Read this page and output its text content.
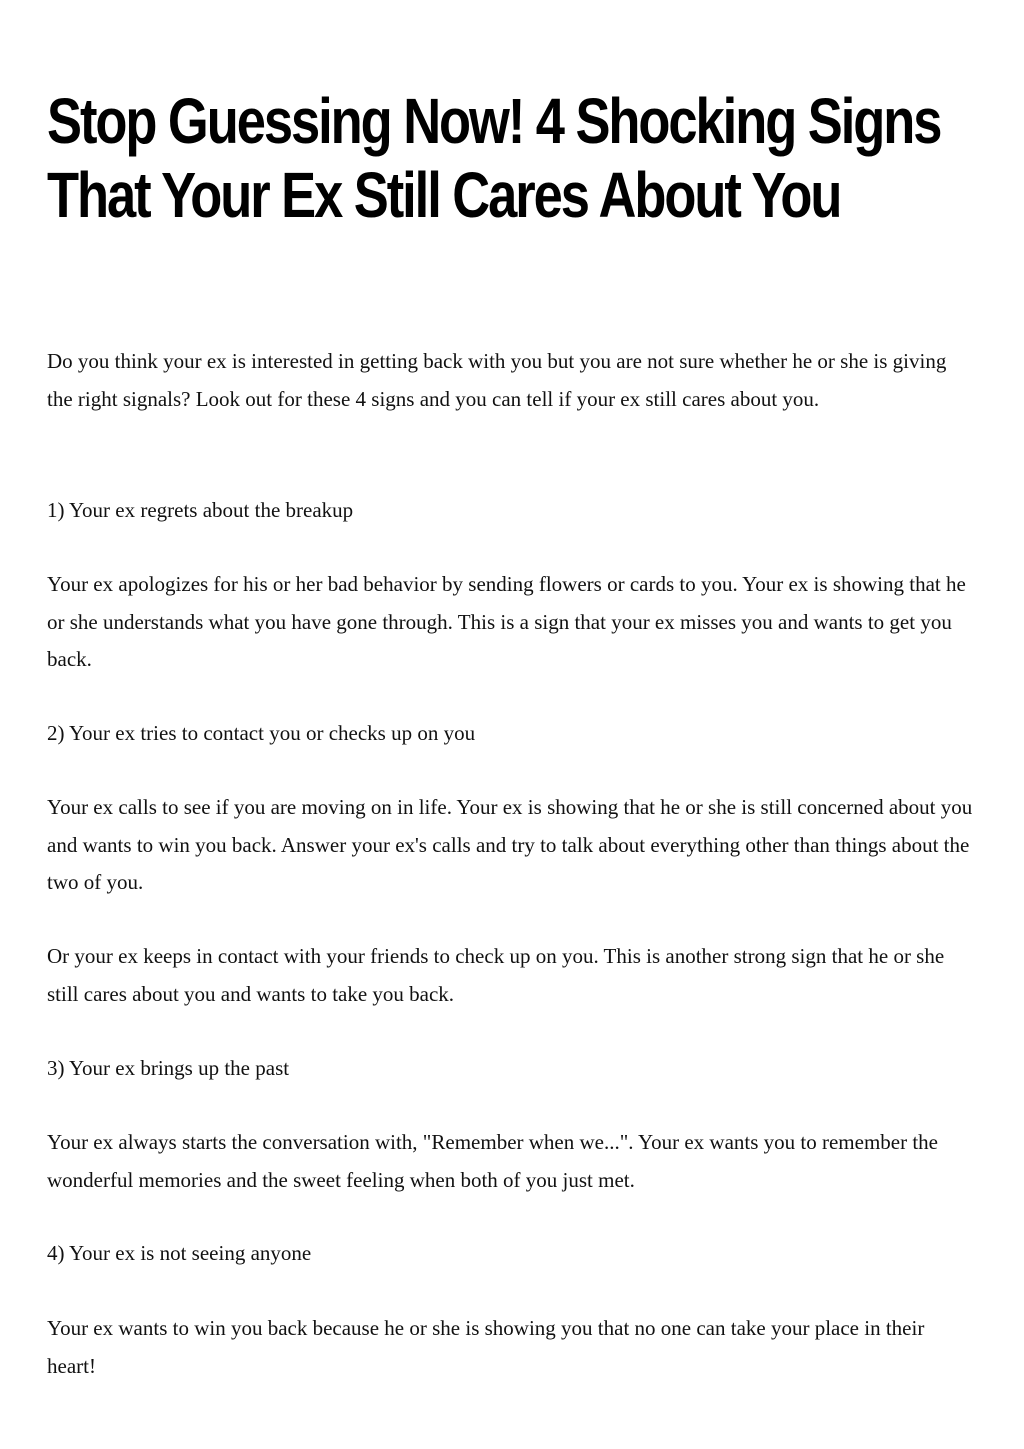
Stop Guessing Now! 4 Shocking Signs That Your Ex Still Cares About You

Do you think your ex is interested in getting back with you but you are not sure whether he or she is giving the right signals? Look out for these 4 signs and you can tell if your ex still cares about you.

1) Your ex regrets about the breakup

Your ex apologizes for his or her bad behavior by sending flowers or cards to you. Your ex is showing that he or she understands what you have gone through. This is a sign that your ex misses you and wants to get you back.

2) Your ex tries to contact you or checks up on you

Your ex calls to see if you are moving on in life. Your ex is showing that he or she is still concerned about you and wants to win you back. Answer your ex's calls and try to talk about everything other than things about the two of you.

Or your ex keeps in contact with your friends to check up on you. This is another strong sign that he or she still cares about you and wants to take you back.

3) Your ex brings up the past

Your ex always starts the conversation with, "Remember when we...". Your ex wants you to remember the wonderful memories and the sweet feeling when both of you just met.

4) Your ex is not seeing anyone

Your ex wants to win you back because he or she is showing you that no one can take your place in their heart!
